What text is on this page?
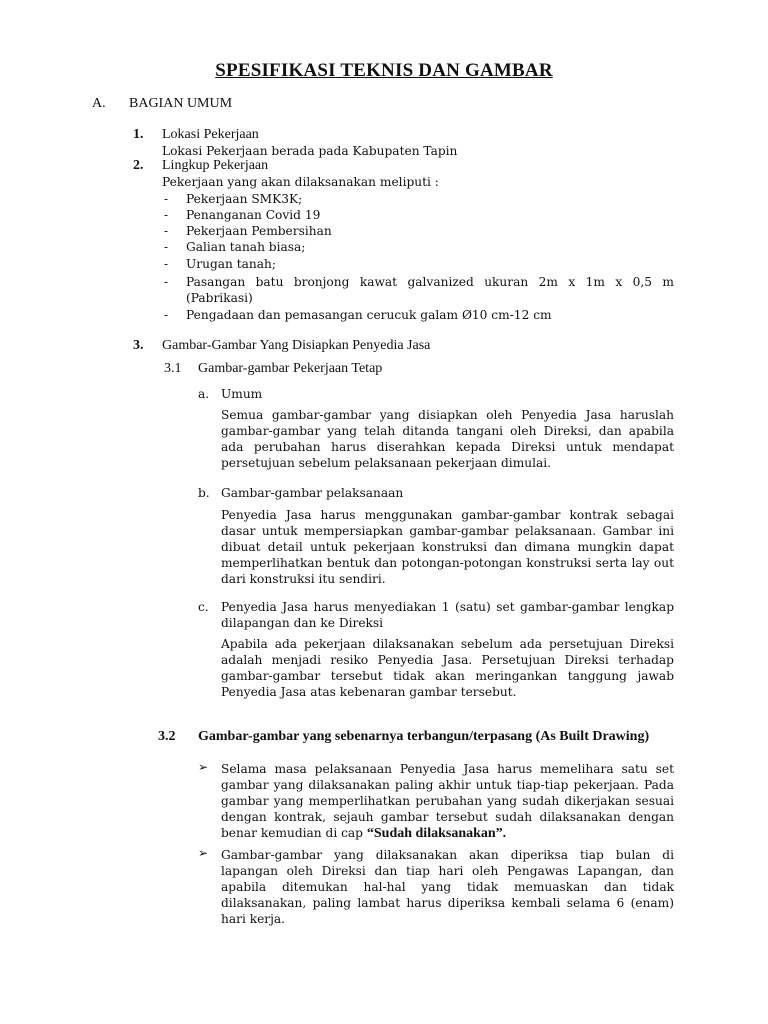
SPESIFIKASI TEKNIS DAN GAMBAR
A. BAGIAN UMUM
1. Lokasi Pekerjaan
Lokasi Pekerjaan berada pada Kabupaten Tapin
2. Lingkup Pekerjaan
Pekerjaan yang akan dilaksanakan meliputi :
- Pekerjaan SMK3K;
- Penanganan Covid 19
- Pekerjaan Pembersihan
- Galian tanah biasa;
- Urugan tanah;
- Pasangan batu bronjong kawat galvanized ukuran 2m x 1m x 0,5 m
(Pabrikasi)
- Pengadaan dan pemasangan cerucuk galam Ø10 cm-12 cm
3. Gambar-Gambar Yang Disiapkan Penyedia Jasa
3.1 Gambar-gambar Pekerjaan Tetap
a. Umum
Semua gambar-gambar yang disiapkan oleh Penyedia Jasa haruslah gambar-gambar yang telah ditanda tangani oleh Direksi, dan apabila ada perubahan harus diserahkan kepada Direksi untuk mendapat persetujuan sebelum pelaksanaan pekerjaan dimulai.
b. Gambar-gambar pelaksanaan
Penyedia Jasa harus menggunakan gambar-gambar kontrak sebagai dasar untuk mempersiapkan gambar-gambar pelaksanaan. Gambar ini dibuat detail untuk pekerjaan konstruksi dan dimana mungkin dapat memperlihatkan bentuk dan potongan-potongan konstruksi serta lay out dari konstruksi itu sendiri.
c. Penyedia Jasa harus menyediakan 1 (satu) set gambar-gambar lengkap dilapangan dan ke Direksi
Apabila ada pekerjaan dilaksanakan sebelum ada persetujuan Direksi adalah menjadi resiko Penyedia Jasa. Persetujuan Direksi terhadap gambar-gambar tersebut tidak akan meringankan tanggung jawab Penyedia Jasa atas kebenaran gambar tersebut.
3.2 Gambar-gambar yang sebenarnya terbangun/terpasang (As Built Drawing)
➢ Selama masa pelaksanaan Penyedia Jasa harus memelihara satu set gambar yang dilaksanakan paling akhir untuk tiap-tiap pekerjaan. Pada gambar yang memperlihatkan perubahan yang sudah dikerjakan sesuai dengan kontrak, sejauh gambar tersebut sudah dilaksanakan dengan benar kemudian di cap “Sudah dilaksanakan”.
➢ Gambar-gambar yang dilaksanakan akan diperiksa tiap bulan di lapangan oleh Direksi dan tiap hari oleh Pengawas Lapangan, dan apabila ditemukan hal-hal yang tidak memuaskan dan tidak dilaksanakan, paling lambat harus diperiksa kembali selama 6 (enam) hari kerja.
